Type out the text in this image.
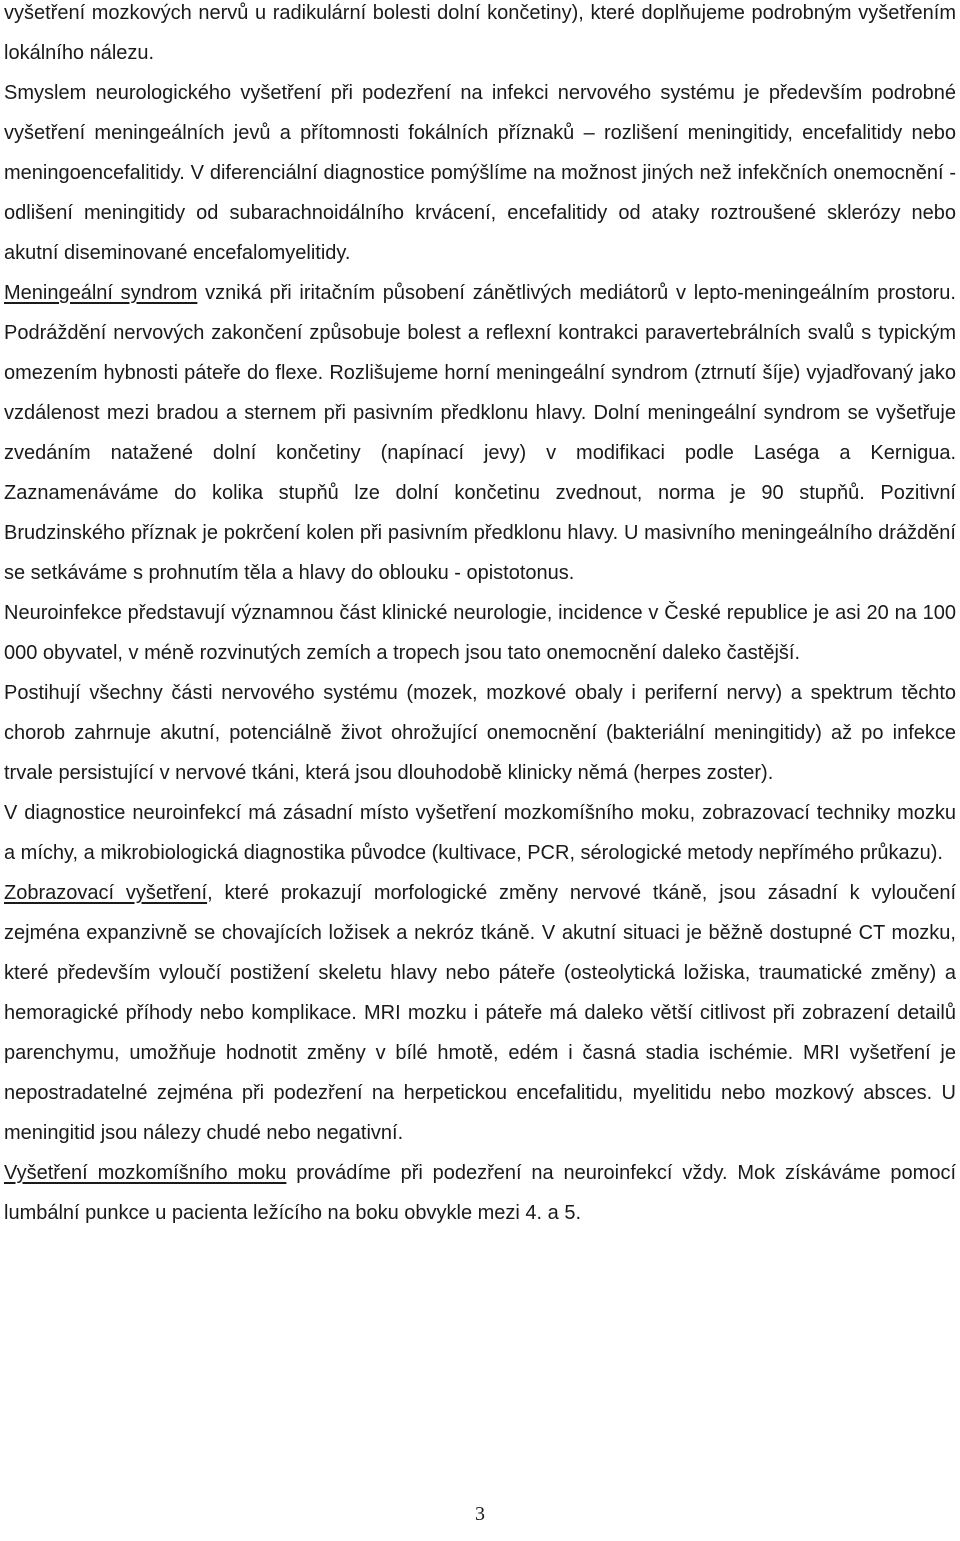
vyšetření mozkových nervů u radikulární bolesti dolní končetiny), které doplňujeme podrobným vyšetřením lokálního nálezu.

Smyslem neurologického vyšetření při podezření na infekci nervového systému je především podrobné vyšetření meningeálních jevů a přítomnosti fokálních příznaků – rozlišení meningitidy, encefalitidy nebo meningoencefalitidy. V diferenciální diagnostice pomýšlíme na možnost jiných než infekčních onemocnění -odlišení meningitidy od subarachnoidálního krvácení, encefalitidy od ataky roztroušené sklerózy nebo akutní diseminované encefalomyelitidy.

Meningeální syndrom vzniká při iritačním působení zánětlivých mediátorů v lepto-meningeálním prostoru. Podráždění nervových zakončení způsobuje bolest a reflexní kontrakci paravertebrálních svalů s typickým omezením hybnosti páteře do flexe. Rozlišujeme horní meningeální syndrom (ztrnutí šíje) vyjadřovaný jako vzdálenost mezi bradou a sternem při pasivním předklonu hlavy. Dolní meningeální syndrom se vyšetřuje zvedáním natažené dolní končetiny (napínací jevy) v modifikaci podle Laséga a Kernigua. Zaznamenáváme do kolika stupňů lze dolní končetinu zvednout, norma je 90 stupňů. Pozitivní Brudzinského příznak je pokrčení kolen při pasivním předklonu hlavy. U masivního meningeálního dráždění se setkáváme s prohnutím těla a hlavy do oblouku - opistotonus.

Neuroinfekce představují významnou část klinické neurologie, incidence v České republice je asi 20 na 100 000 obyvatel, v méně rozvinutých zemích a tropech jsou tato onemocnění daleko častější.

Postihují všechny části nervového systému (mozek, mozkové obaly i periferní nervy) a spektrum těchto chorob zahrnuje akutní, potenciálně život ohrožující onemocnění (bakteriální meningitidy) až po infekce trvale persistující v nervové tkáni, která jsou dlouhodobě klinicky němá (herpes zoster).

V diagnostice neuroinfekcí má zásadní místo vyšetření mozkomíšního moku, zobrazovací techniky mozku a míchy, a mikrobiologická diagnostika původce (kultivace, PCR, sérologické metody nepřímého průkazu).

Zobrazovací vyšetření, které prokazují morfologické změny nervové tkáně, jsou zásadní k vyloučení zejména expanzivně se chovajících ložisek a nekróz tkáně. V akutní situaci je běžně dostupné CT mozku, které především vyloučí postižení skeletu hlavy nebo páteře (osteolytická ložiska, traumatické změny) a hemoragické příhody nebo komplikace. MRI mozku i páteře má daleko větší citlivost při zobrazení detailů parenchymu, umožňuje hodnotit změny v bílé hmotě, edém i časná stadia ischémie. MRI vyšetření je nepostradatelné zejména při podezření na herpetickou encefalitidu, myelitidu nebo mozkový absces. U meningitid jsou nálezy chudé nebo negativní.

Vyšetření mozkomíšního moku provádíme při podezření na neuroinfekcí vždy. Mok získáváme pomocí lumbální punkce u pacienta ležícího na boku obvykle mezi 4. a 5.

3
